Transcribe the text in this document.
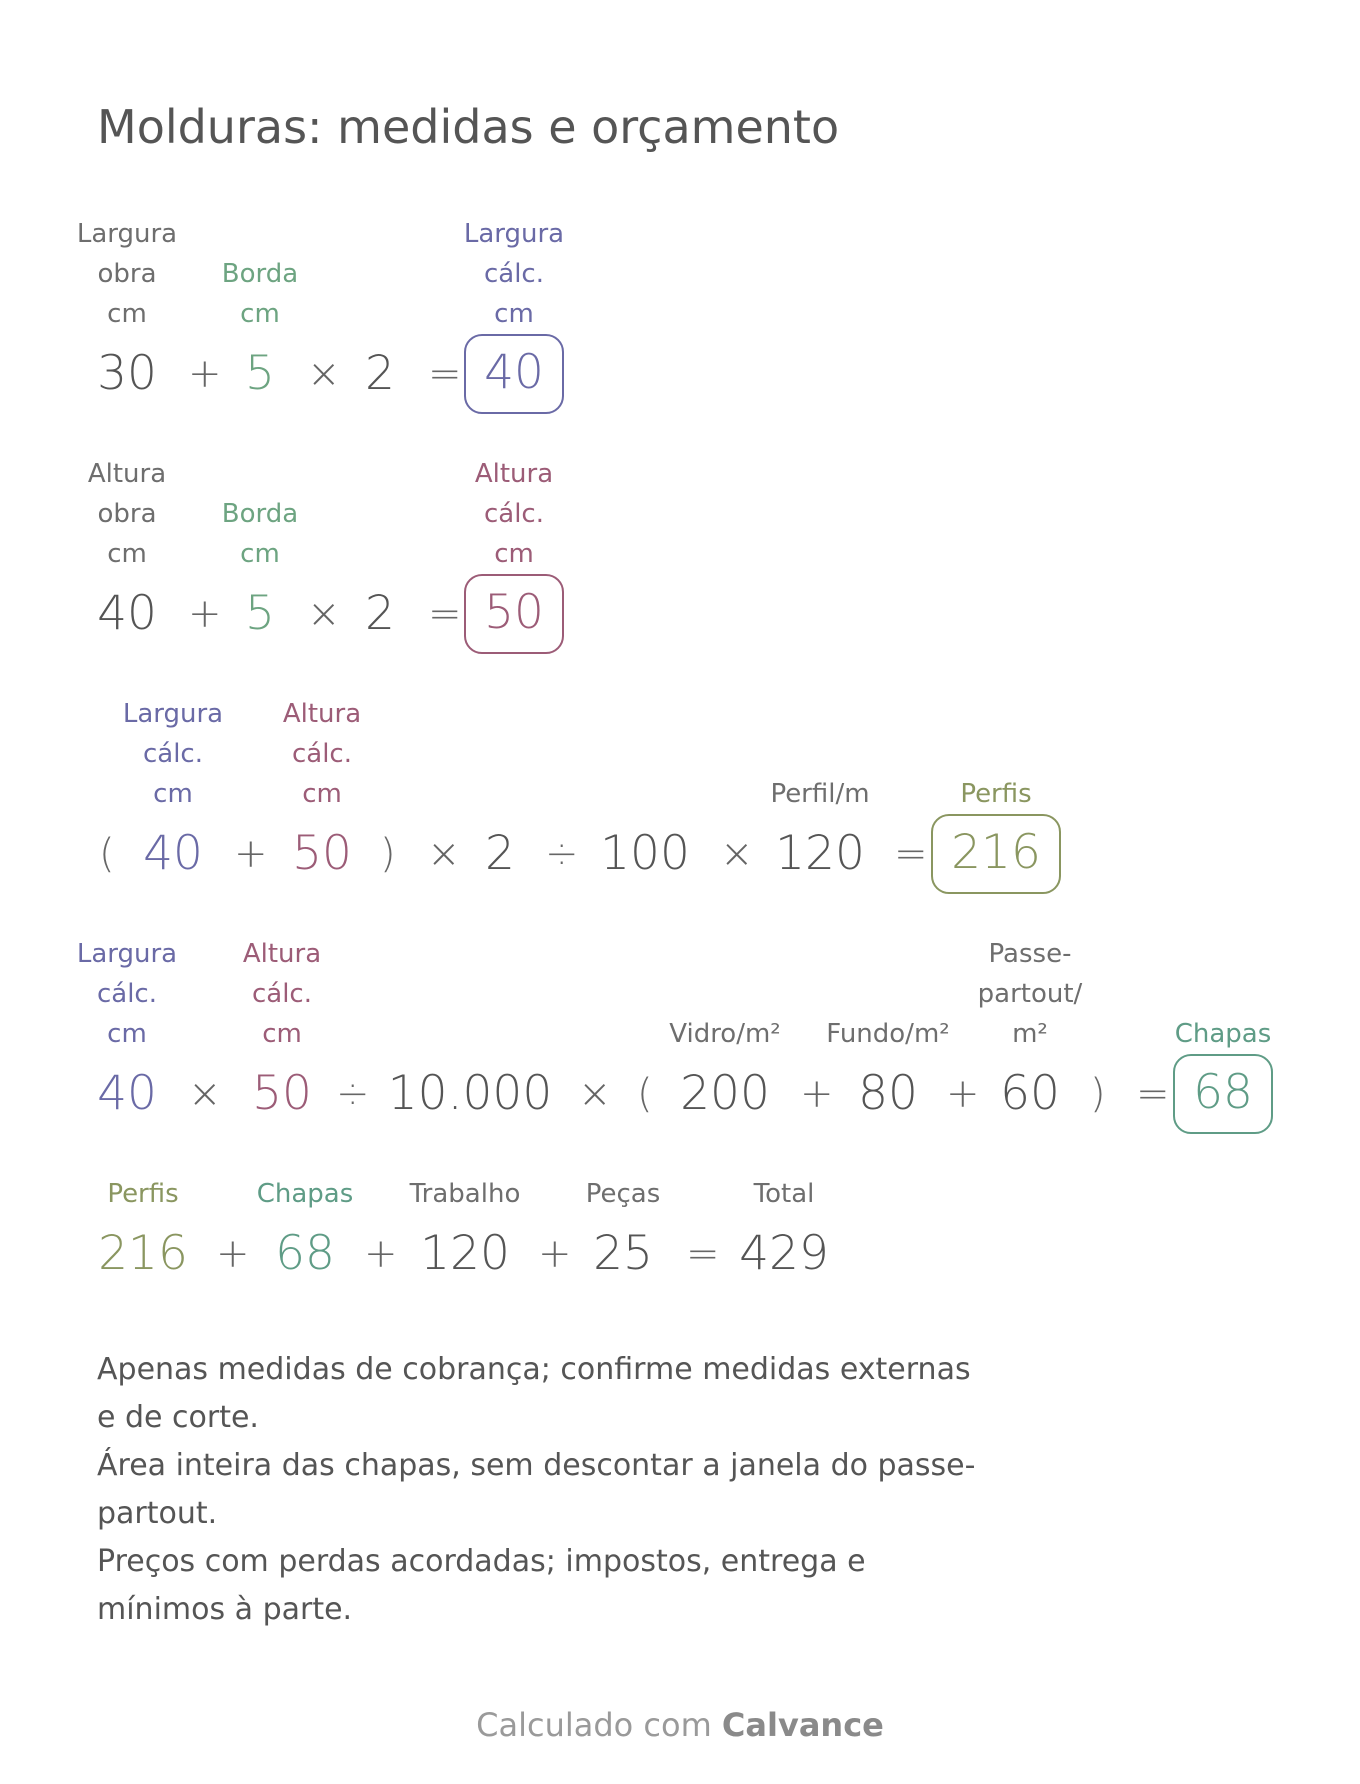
Molduras: medidas e orçamento
Largura
obra
cm
30 +
Borda
cm
5 × 2 =
Largura
cálc.
cm
40
Altura
obra
cm
40 +
Borda
cm
5 × 2 =
Altura
cálc.
cm
50
(
Largura
cálc.
cm
40 +
Altura
cálc.
cm
50 ) × 2 ÷ 100 ×
Perfil/m
120 =
Perfis
216
Largura
cálc.
cm
40 ×
Altura
cálc.
cm
50 ÷ 10.000 × (
Vidro/m²
200 +
Fundo/m²
80 +
Passe-
partout/
m²
60 ) =
Chapas
68
Perfis
216 +
Chapas
68 +
Trabalho
120 +
Peças
25 =
Total
429

Apenas medidas de cobrança; confirme medidas externas e de corte.

Área inteira das chapas, sem descontar a janela do passe-partout.

Preços com perdas acordadas; impostos, entrega e mínimos à parte.

Calculado com Calvance
